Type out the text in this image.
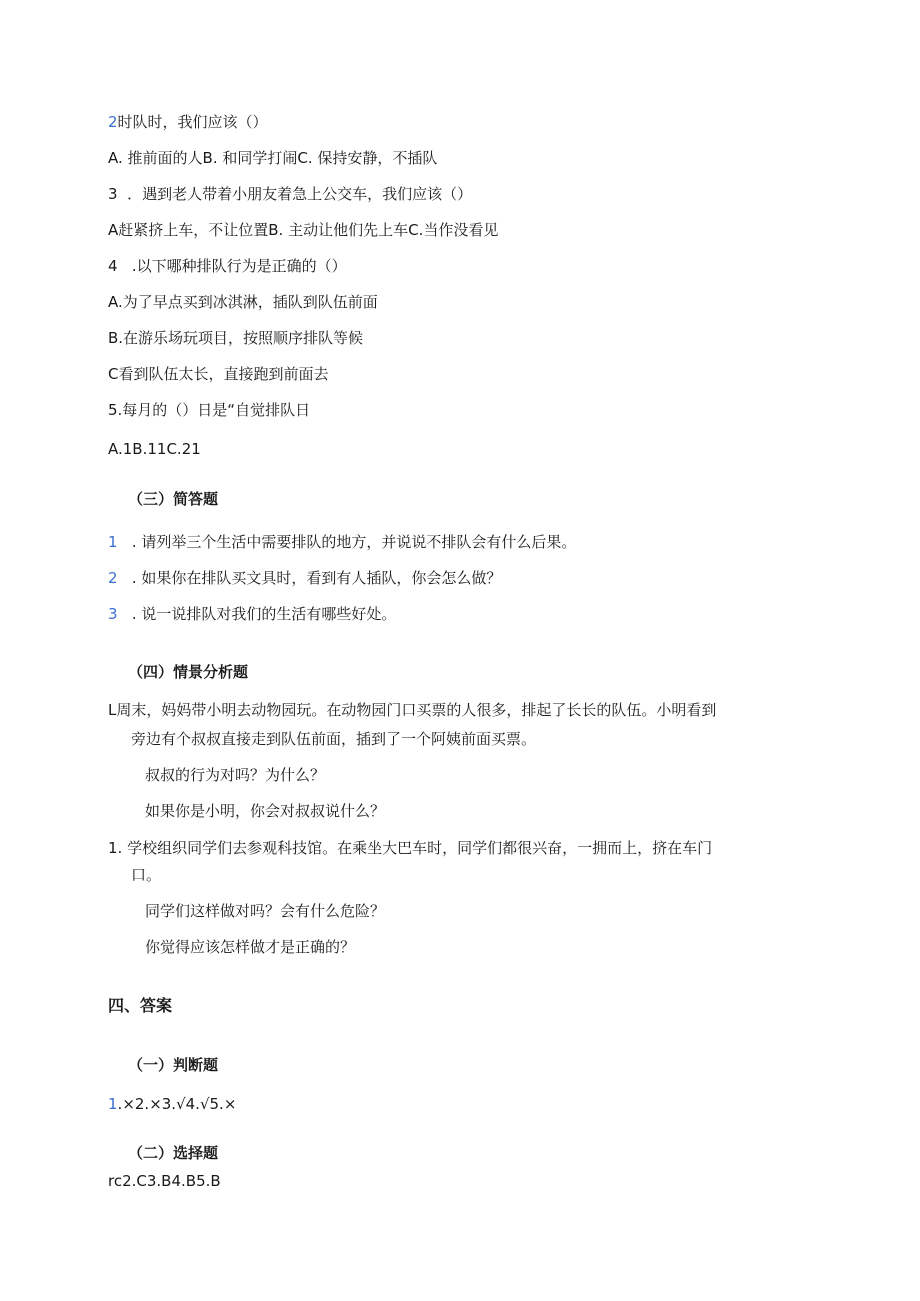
2时队时，我们应该（）
A. 推前面的人B. 和同学打闹C. 保持安静，不插队
3 ．遇到老人带着小朋友着急上公交车，我们应该（）
A赶紧挤上车，不让位置B. 主动让他们先上车C.当作没看见
4 .以下哪种排队行为是正确的（）
A.为了早点买到冰淇淋，插队到队伍前面
B.在游乐场玩项目，按照顺序排队等候
C看到队伍太长，直接跑到前面去
5.每月的（）日是“自觉排队日
A.1B.11C.21
（三）简答题
1 . 请列举三个生活中需要排队的地方，并说说不排队会有什么后果。
2 . 如果你在排队买文具时，看到有人插队，你会怎么做？
3 . 说一说排队对我们的生活有哪些好处。
（四）情景分析题
L周末，妈妈带小明去动物园玩。在动物园门口买票的人很多，排起了长长的队伍。小明看到
旁边有个叔叔直接走到队伍前面，插到了一个阿姨前面买票。
叔叔的行为对吗？为什么？
如果你是小明，你会对叔叔说什么？
1. 学校组织同学们去参观科技馆。在乘坐大巴车时，同学们都很兴奋，一拥而上，挤在车门
口。
同学们这样做对吗？会有什么危险？
你觉得应该怎样做才是正确的？
四、答案
（一）判断题
1.×2.×3.√4.√5.×
（二）选择题
rc2.C3.B4.B5.B
